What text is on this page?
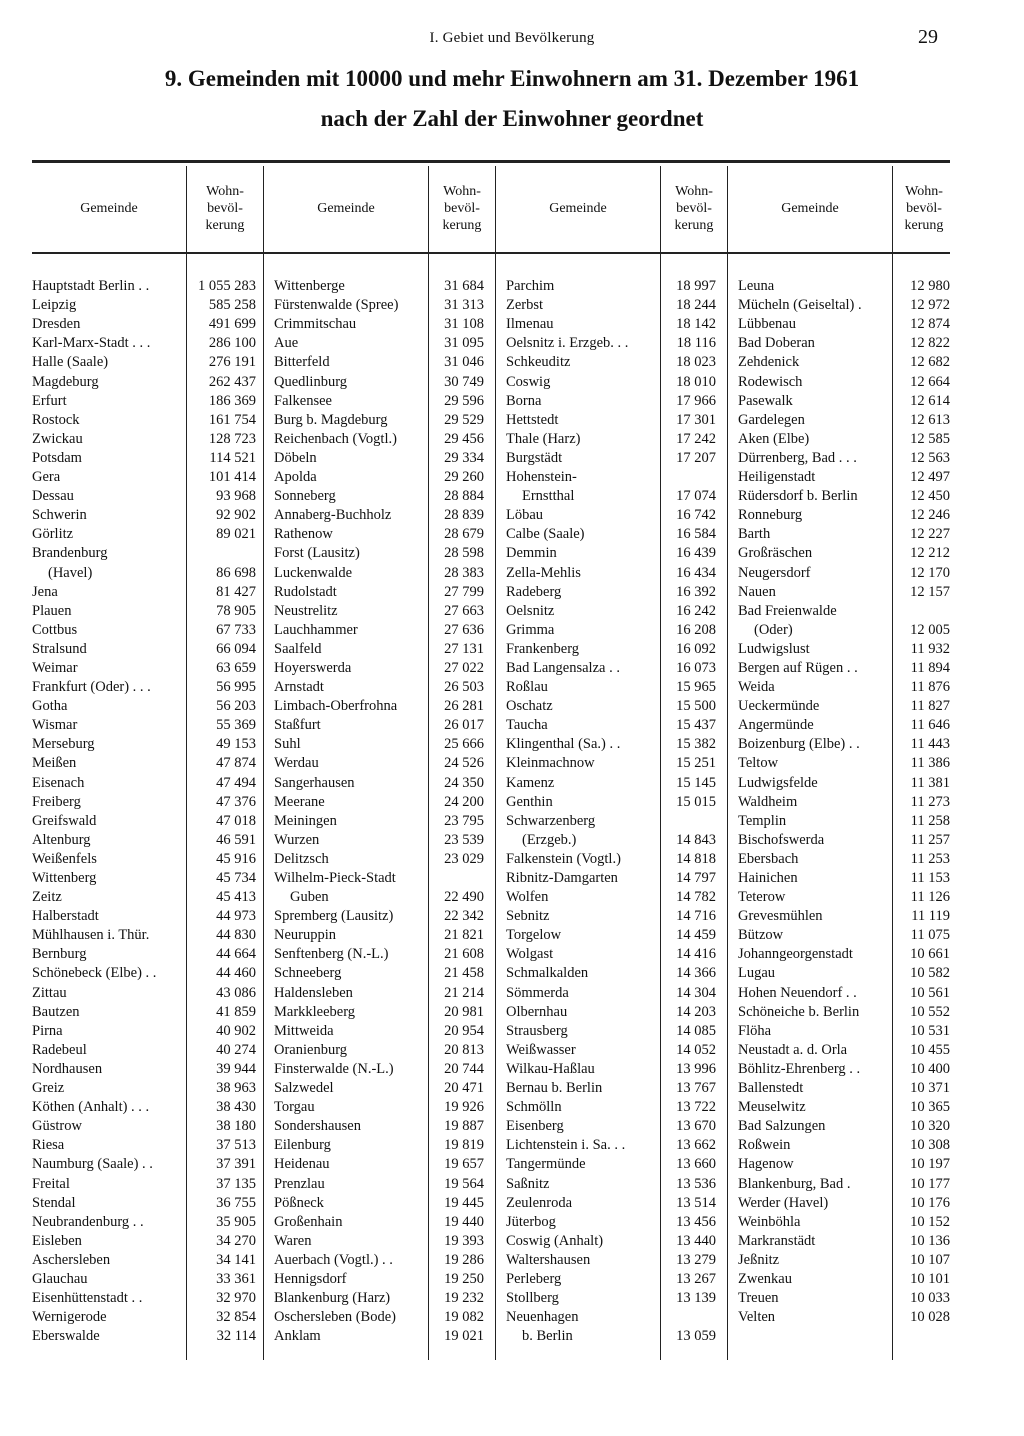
I. Gebiet und Bevölkerung	29
9. Gemeinden mit 10000 und mehr Einwohnern am 31. Dezember 1961
nach der Zahl der Einwohner geordnet
Gemeinde
Wohn-
bevöl-
kerung
Gemeinde
Wohn-
bevöl-
kerung
Gemeinde
Wohn-
bevöl-
kerung
Gemeinde
Wohn-
bevöl-
kerung
Hauptstadt Berlin . .	1 055 283
Leipzig	585 258
Dresden	491 699
Karl-Marx-Stadt . . .	286 100
Halle (Saale)	276 191
Magdeburg	262 437
Erfurt	186 369
Rostock	161 754
Zwickau	128 723
Potsdam	114 521
Gera	101 414
Dessau	93 968
Schwerin	92 902
Görlitz	89 021
Brandenburg
(Havel)	86 698
Jena	81 427
Plauen	78 905
Cottbus	67 733
Stralsund	66 094
Weimar	63 659
Frankfurt (Oder) . . .	56 995
Gotha	56 203
Wismar	55 369
Merseburg	49 153
Meißen	47 874
Eisenach	47 494
Freiberg	47 376
Greifswald	47 018
Altenburg	46 591
Weißenfels	45 916
Wittenberg	45 734
Zeitz	45 413
Halberstadt	44 973
Mühlhausen i. Thür.	44 830
Bernburg	44 664
Schönebeck (Elbe) . .	44 460
Zittau	43 086
Bautzen	41 859
Pirna	40 902
Radebeul	40 274
Nordhausen	39 944
Greiz	38 963
Köthen (Anhalt) . . .	38 430
Güstrow	38 180
Riesa	37 513
Naumburg (Saale) . .	37 391
Freital	37 135
Stendal	36 755
Neubrandenburg . .	35 905
Eisleben	34 270
Aschersleben	34 141
Glauchau	33 361
Eisenhüttenstadt . .	32 970
Wernigerode	32 854
Eberswalde	32 114
Wittenberge	31 684
Fürstenwalde (Spree)	31 313
Crimmitschau	31 108
Aue	31 095
Bitterfeld	31 046
Quedlinburg	30 749
Falkensee	29 596
Burg b. Magdeburg	29 529
Reichenbach (Vogtl.)	29 456
Döbeln	29 334
Apolda	29 260
Sonneberg	28 884
Annaberg-Buchholz	28 839
Rathenow	28 679
Forst (Lausitz)	28 598
Luckenwalde	28 383
Rudolstadt	27 799
Neustrelitz	27 663
Lauchhammer	27 636
Saalfeld	27 131
Hoyerswerda	27 022
Arnstadt	26 503
Limbach-Oberfrohna	26 281
Staßfurt	26 017
Suhl	25 666
Werdau	24 526
Sangerhausen	24 350
Meerane	24 200
Meiningen	23 795
Wurzen	23 539
Delitzsch	23 029
Wilhelm-Pieck-Stadt
Guben	22 490
Spremberg (Lausitz)	22 342
Neuruppin	21 821
Senftenberg (N.-L.)	21 608
Schneeberg	21 458
Haldensleben	21 214
Markkleeberg	20 981
Mittweida	20 954
Oranienburg	20 813
Finsterwalde (N.-L.)	20 744
Salzwedel	20 471
Torgau	19 926
Sondershausen	19 887
Eilenburg	19 819
Heidenau	19 657
Prenzlau	19 564
Pößneck	19 445
Großenhain	19 440
Waren	19 393
Auerbach (Vogtl.) . .	19 286
Hennigsdorf	19 250
Blankenburg (Harz)	19 232
Oschersleben (Bode)	19 082
Anklam	19 021
Parchim	18 997
Zerbst	18 244
Ilmenau	18 142
Oelsnitz i. Erzgeb. . .	18 116
Schkeuditz	18 023
Coswig	18 010
Borna	17 966
Hettstedt	17 301
Thale (Harz)	17 242
Burgstädt	17 207
Hohenstein-
Ernstthal	17 074
Löbau	16 742
Calbe (Saale)	16 584
Demmin	16 439
Zella-Mehlis	16 434
Radeberg	16 392
Oelsnitz	16 242
Grimma	16 208
Frankenberg	16 092
Bad Langensalza . .	16 073
Roßlau	15 965
Oschatz	15 500
Taucha	15 437
Klingenthal (Sa.) . .	15 382
Kleinmachnow	15 251
Kamenz	15 145
Genthin	15 015
Schwarzenberg
(Erzgeb.)	14 843
Falkenstein (Vogtl.)	14 818
Ribnitz-Damgarten	14 797
Wolfen	14 782
Sebnitz	14 716
Torgelow	14 459
Wolgast	14 416
Schmalkalden	14 366
Sömmerda	14 304
Olbernhau	14 203
Strausberg	14 085
Weißwasser	14 052
Wilkau-Haßlau	13 996
Bernau b. Berlin	13 767
Schmölln	13 722
Eisenberg	13 670
Lichtenstein i. Sa. . .	13 662
Tangermünde	13 660
Saßnitz	13 536
Zeulenroda	13 514
Jüterbog	13 456
Coswig (Anhalt)	13 440
Waltershausen	13 279
Perleberg	13 267
Stollberg	13 139
Neuenhagen
b. Berlin	13 059
Leuna	12 980
Mücheln (Geiseltal) .	12 972
Lübbenau	12 874
Bad Doberan	12 822
Zehdenick	12 682
Rodewisch	12 664
Pasewalk	12 614
Gardelegen	12 613
Aken (Elbe)	12 585
Dürrenberg, Bad . . .	12 563
Heiligenstadt	12 497
Rüdersdorf b. Berlin	12 450
Ronneburg	12 246
Barth	12 227
Großräschen	12 212
Neugersdorf	12 170
Nauen	12 157
Bad Freienwalde
(Oder)	12 005
Ludwigslust	11 932
Bergen auf Rügen . .	11 894
Weida	11 876
Ueckermünde	11 827
Angermünde	11 646
Boizenburg (Elbe) . .	11 443
Teltow	11 386
Ludwigsfelde	11 381
Waldheim	11 273
Templin	11 258
Bischofswerda	11 257
Ebersbach	11 253
Hainichen	11 153
Teterow	11 126
Grevesmühlen	11 119
Bützow	11 075
Johanngeorgenstadt	10 661
Lugau	10 582
Hohen Neuendorf . .	10 561
Schöneiche b. Berlin	10 552
Flöha	10 531
Neustadt a. d. Orla	10 455
Böhlitz-Ehrenberg . .	10 400
Ballenstedt	10 371
Meuselwitz	10 365
Bad Salzungen	10 320
Roßwein	10 308
Hagenow	10 197
Blankenburg, Bad .	10 177
Werder (Havel)	10 176
Weinböhla	10 152
Markranstädt	10 136
Jeßnitz	10 107
Zwenkau	10 101
Treuen	10 033
Velten	10 028
